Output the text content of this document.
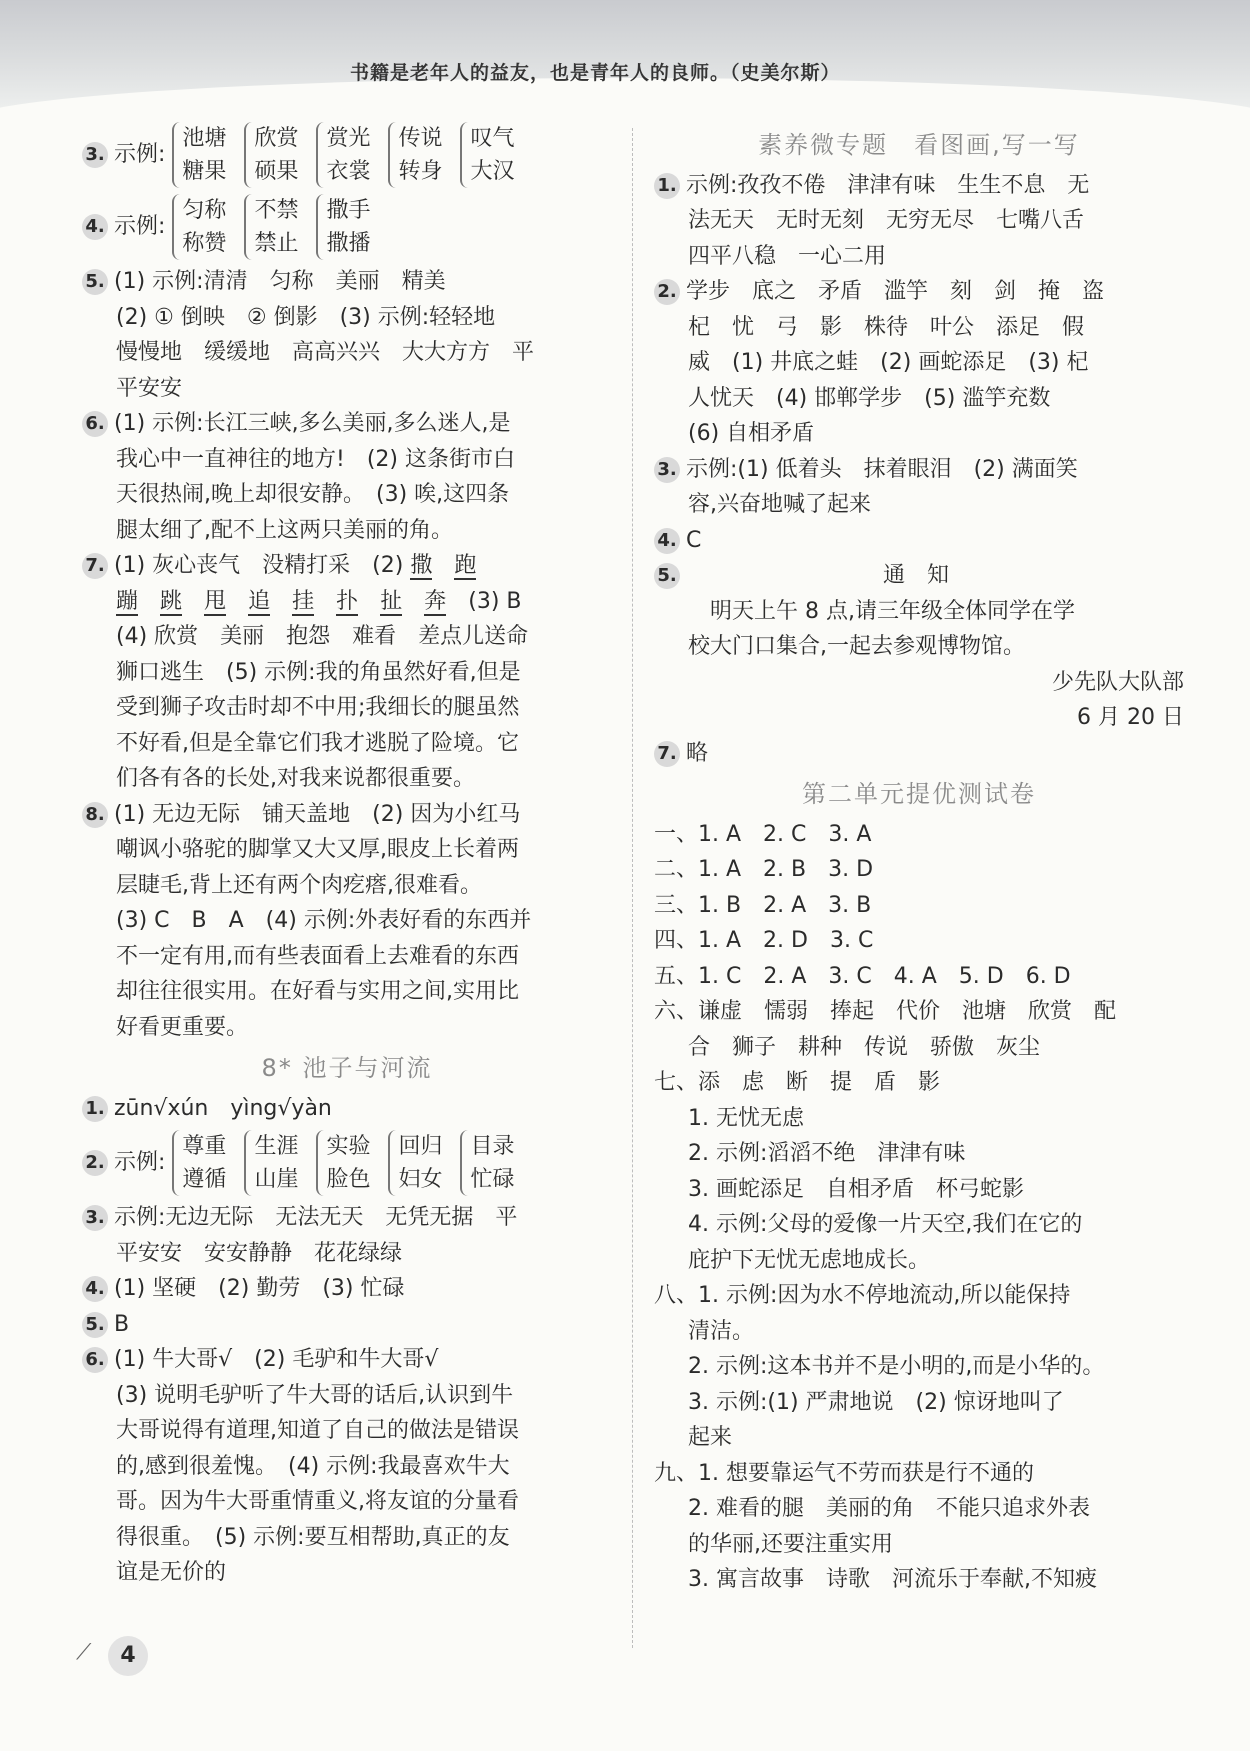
书籍是老年人的益友，也是青年人的良师。（史美尔斯）
3. 示例:
池塘
糖果
欣赏
硕果
赏光
衣裳
传说
转身
叹气
大汉
4. 示例:
匀称
称赞
不禁
禁止
撒手
撒播
5. (1) 示例:清清　匀称　美丽　精美
(2) ① 倒映　② 倒影　(3) 示例:轻轻地
慢慢地　缓缓地　高高兴兴　大大方方　平
平安安
6. (1) 示例:长江三峡,多么美丽,多么迷人,是
我心中一直神往的地方!　(2) 这条街市白
天很热闹,晚上却很安静。　(3) 唉,这四条
腿太细了,配不上这两只美丽的角。
7. (1) 灰心丧气　没精打采　(2) 撒　 跑
蹦　 跳　 甩　 追　 挂　 扑　 扯　 奔　 (3) B
(4) 欣赏　美丽　抱怨　难看　差点儿送命
狮口逃生　(5) 示例:我的角虽然好看,但是
受到狮子攻击时却不中用;我细长的腿虽然
不好看,但是全靠它们我才逃脱了险境。它
们各有各的长处,对我来说都很重要。
8. (1) 无边无际　铺天盖地　(2) 因为小红马
嘲讽小骆驼的脚掌又大又厚,眼皮上长着两
层睫毛,背上还有两个肉疙瘩,很难看。
(3) C　B　A　(4) 示例:外表好看的东西并
不一定有用,而有些表面看上去难看的东西
却往往很实用。在好看与实用之间,实用比
好看更重要。
8* 池子与河流
1. zūn√xún　yìng√yàn
2. 示例:
尊重
遵循
生涯
山崖
实验
脸色
回归
妇女
目录
忙碌
3. 示例:无边无际　无法无天　无凭无据　平
平安安　安安静静　花花绿绿
4. (1) 坚硬　(2) 勤劳　(3) 忙碌
5. B
6. (1) 牛大哥√　(2) 毛驴和牛大哥√
(3) 说明毛驴听了牛大哥的话后,认识到牛
大哥说得有道理,知道了自己的做法是错误
的,感到很羞愧。　(4) 示例:我最喜欢牛大
哥。因为牛大哥重情重义,将友谊的分量看
得很重。　(5) 示例:要互相帮助,真正的友
谊是无价的
素养微专题　看图画,写一写
1. 示例:孜孜不倦　津津有味　生生不息　无
法无天　无时无刻　无穷无尽　七嘴八舌
四平八稳　一心二用
2. 学步　底之　矛盾　滥竽　刻　剑　掩　盗
杞　忧　弓　影　株待　叶公　添足　假
威　(1) 井底之蛙　(2) 画蛇添足　(3) 杞
人忧天　(4) 邯郸学步　(5) 滥竽充数
(6) 自相矛盾
3. 示例:(1) 低着头　抹着眼泪　(2) 满面笑
容,兴奋地喊了起来
4. C
5.	通　知
明天上午 8 点,请三年级全体同学在学
校大门口集合,一起去参观博物馆。
少先队大队部
6 月 20 日
7. 略
第二单元提优测试卷
一、1. A　2. C　3. A
二、1. A　2. B　3. D
三、1. B　2. A　3. B
四、1. A　2. D　3. C
五、1. C　2. A　3. C　4. A　5. D　6. D
六、谦虚　懦弱　捧起　代价　池塘　欣赏　配
合　狮子　耕种　传说　骄傲　灰尘
七、添　虑　断　提　盾　影
1. 无忧无虑
2. 示例:滔滔不绝　津津有味
3. 画蛇添足　自相矛盾　杯弓蛇影
4. 示例:父母的爱像一片天空,我们在它的
庇护下无忧无虑地成长。
八、1. 示例:因为水不停地流动,所以能保持
清洁。
2. 示例:这本书并不是小明的,而是小华的。
3. 示例:(1) 严肃地说　(2) 惊讶地叫了
起来
九、1. 想要靠运气不劳而获是行不通的
2. 难看的腿　美丽的角　不能只追求外表
的华丽,还要注重实用
3. 寓言故事　诗歌　河流乐于奉献,不知疲
⟋	4
